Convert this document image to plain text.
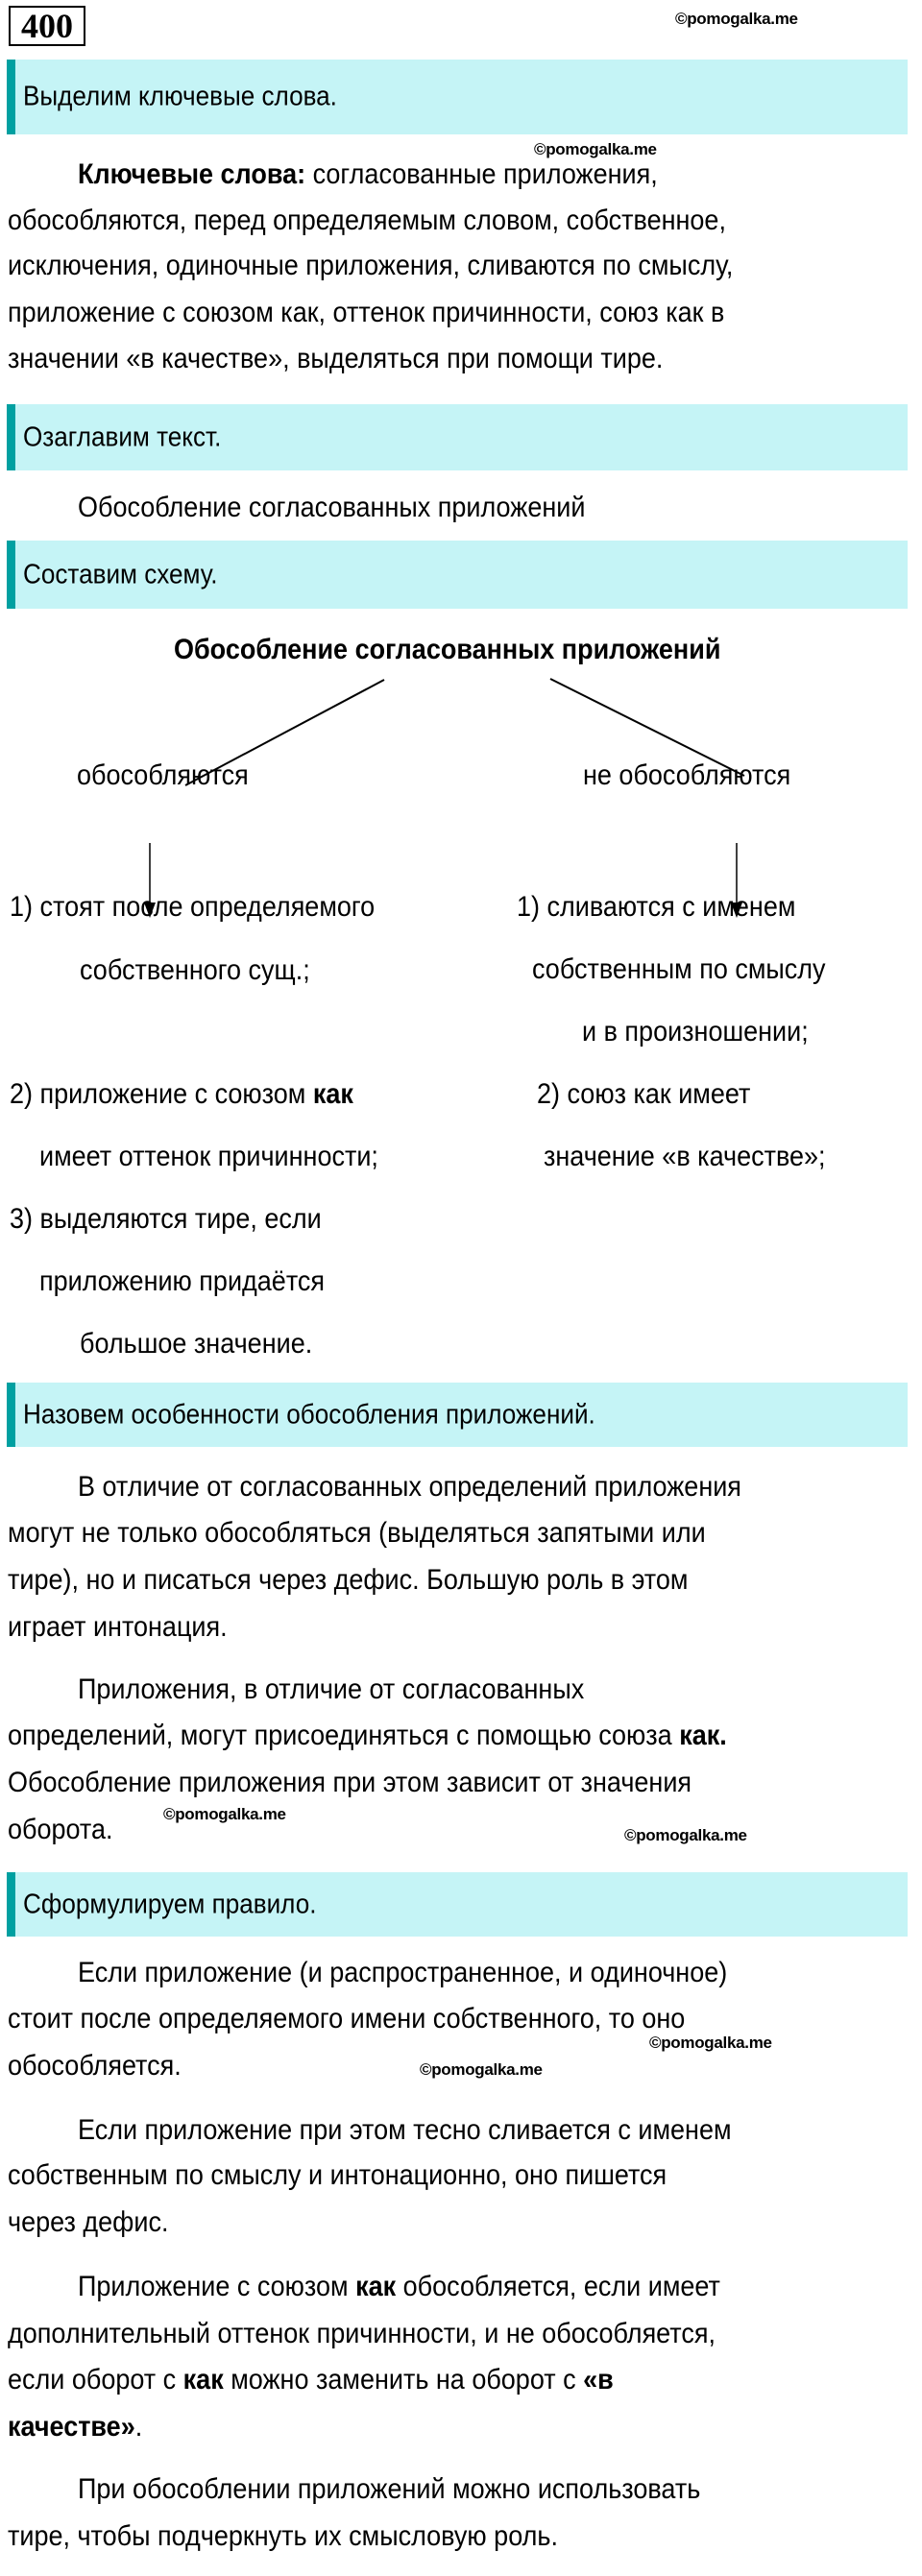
400	©pomogalka.me
Выделим ключевые слова.
©pomogalka.me
Ключевые слова: согласованные приложения,
обособляются, перед определяемым словом, собственное,
исключения, одиночные приложения, сливаются по смыслу,
приложение с союзом как, оттенок причинности, союз как в
значении «в качестве», выделяться при помощи тире.
Озаглавим текст.
Обособление согласованных приложений
Составим схему.
Обособление согласованных приложений
обособляются	не обособляются
1) стоят после определяемого
собственного сущ.;
2) приложение с союзом как
имеет оттенок причинности;
3) выделяются тире, если
приложению придаётся
большое значение.
1) сливаются с именем
собственным по смыслу
и в произношении;
2) союз как имеет
значение «в качестве»;
Назовем особенности обособления приложений.
В отличие от согласованных определений приложения
могут не только обособляться (выделяться запятыми или
тире), но и писаться через дефис. Большую роль в этом
играет интонация.
Приложения, в отличие от согласованных
определений, могут присоединяться с помощью союза как.
Обособление приложения при этом зависит от значения
оборота.	©pomogalka.me
©pomogalka.me
Сформулируем правило.
Если приложение (и распространенное, и одиночное)
стоит после определяемого имени собственного, то оно
обособляется.
©pomogalka.me
©pomogalka.me
Если приложение при этом тесно сливается с именем
собственным по смыслу и интонационно, оно пишется
через дефис.
Приложение с союзом как обособляется, если имеет
дополнительный оттенок причинности, и не обособляется,
если оборот с как можно заменить на оборот с «в
качестве».
При обособлении приложений можно использовать
тире, чтобы подчеркнуть их смысловую роль.
